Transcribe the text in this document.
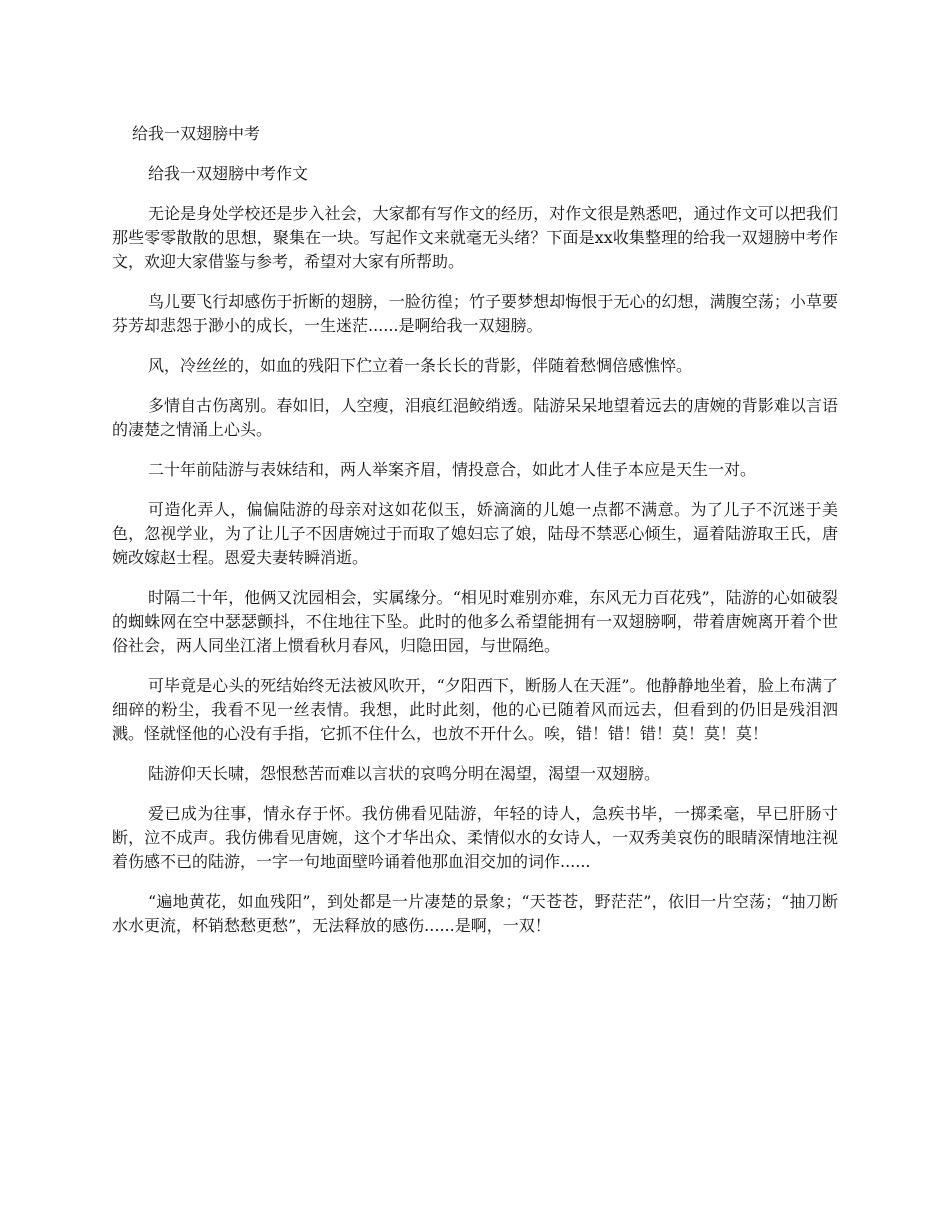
给我一双翅膀中考

给我一双翅膀中考作文

无论是身处学校还是步入社会，大家都有写作文的经历，对作文很是熟悉吧，通过作文可以把我们那些零零散散的思想，聚集在一块。写起作文来就毫无头绪？下面是xx收集整理的给我一双翅膀中考作文，欢迎大家借鉴与参考，希望对大家有所帮助。

鸟儿要飞行却感伤于折断的翅膀，一脸彷徨；竹子要梦想却悔恨于无心的幻想，满腹空荡；小草要芬芳却悲怨于渺小的成长，一生迷茫......是啊给我一双翅膀。

风，冷丝丝的，如血的残阳下伫立着一条长长的背影，伴随着愁惆倍感憔悴。

多情自古伤离别。春如旧，人空瘦，泪痕红浥鲛绡透。陆游呆呆地望着远去的唐婉的背影难以言语的凄楚之情涌上心头。

二十年前陆游与表妹结和，两人举案齐眉，情投意合，如此才人佳子本应是天生一对。

可造化弄人，偏偏陆游的母亲对这如花似玉，娇滴滴的儿媳一点都不满意。为了儿子不沉迷于美色，忽视学业，为了让儿子不因唐婉过于而取了媳妇忘了娘，陆母不禁恶心倾生，逼着陆游取王氏，唐婉改嫁赵士程。恩爱夫妻转瞬消逝。

时隔二十年，他俩又沈园相会，实属缘分。“相见时难别亦难，东风无力百花残”，陆游的心如破裂的蜘蛛网在空中瑟瑟颤抖，不住地往下坠。此时的他多么希望能拥有一双翅膀啊，带着唐婉离开着个世俗社会，两人同坐江渚上惯看秋月春风，归隐田园，与世隔绝。

可毕竟是心头的死结始终无法被风吹开，“夕阳西下，断肠人在天涯”。他静静地坐着，脸上布满了细碎的粉尘，我看不见一丝表情。我想，此时此刻，他的心已随着风而远去，但看到的仍旧是残泪泗溅。怪就怪他的心没有手指，它抓不住什么，也放不开什么。唉，错！错！错！莫！莫！莫！

陆游仰天长啸，怨恨愁苦而难以言状的哀鸣分明在渴望，渴望一双翅膀。

爱已成为往事，情永存于怀。我仿佛看见陆游，年轻的诗人，急疾书毕，一掷柔毫，早已肝肠寸断，泣不成声。我仿佛看见唐婉，这个才华出众、柔情似水的女诗人，一双秀美哀伤的眼睛深情地注视着伤感不已的陆游，一字一句地面壁吟诵着他那血泪交加的词作......

“遍地黄花，如血残阳”，到处都是一片凄楚的景象；“天苍苍，野茫茫”，依旧一片空荡；“抽刀断水水更流，杯销愁愁更愁”，无法释放的感伤......是啊，一双！
